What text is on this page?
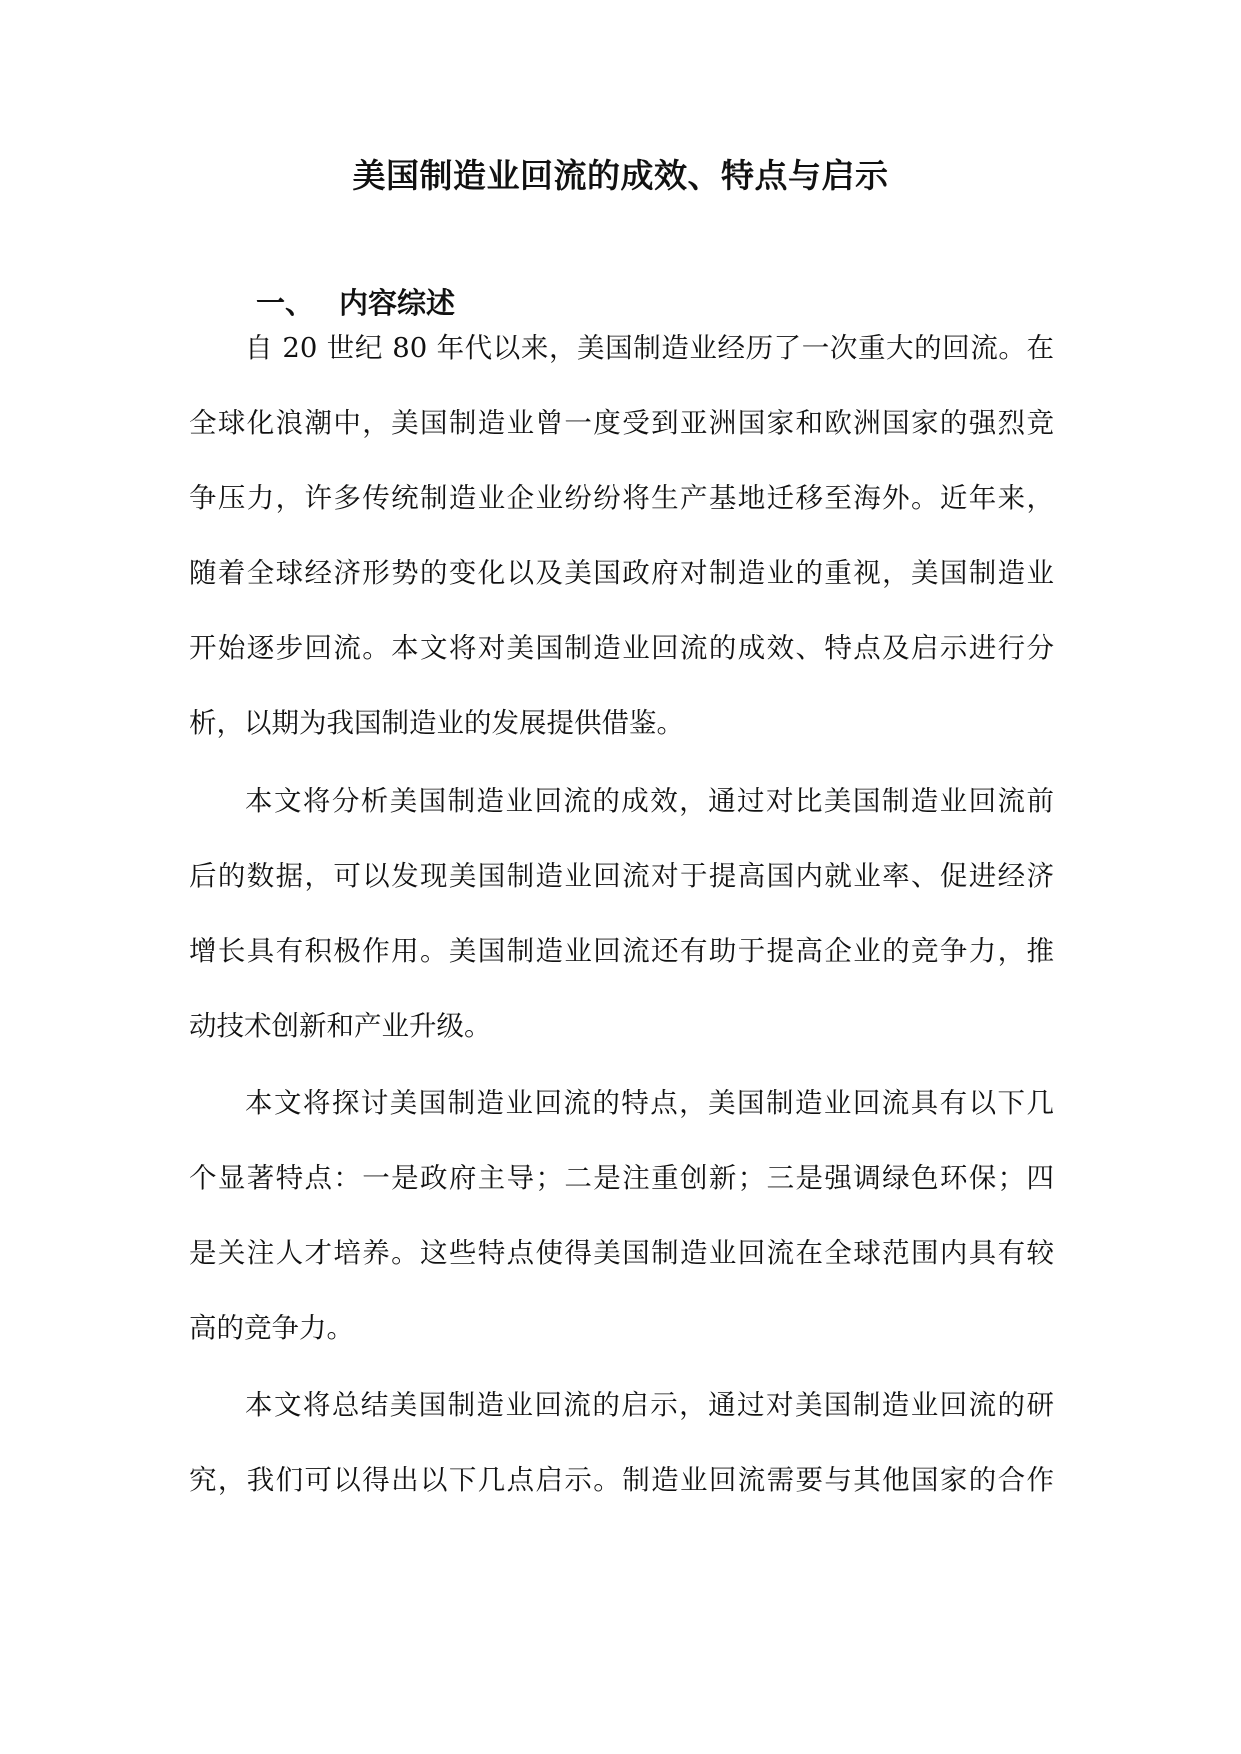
美国制造业回流的成效、特点与启示
一、 内容综述
自 20 世纪 80 年代以来，美国制造业经历了一次重大的回流。在
全球化浪潮中，美国制造业曾一度受到亚洲国家和欧洲国家的强烈竞
争压力，许多传统制造业企业纷纷将生产基地迁移至海外。近年来，
随着全球经济形势的变化以及美国政府对制造业的重视，美国制造业
开始逐步回流。本文将对美国制造业回流的成效、特点及启示进行分
析，以期为我国制造业的发展提供借鉴。
本文将分析美国制造业回流的成效，通过对比美国制造业回流前
后的数据，可以发现美国制造业回流对于提高国内就业率、促进经济
增长具有积极作用。美国制造业回流还有助于提高企业的竞争力，推
动技术创新和产业升级。
本文将探讨美国制造业回流的特点，美国制造业回流具有以下几
个显著特点：一是政府主导；二是注重创新；三是强调绿色环保；四
是关注人才培养。这些特点使得美国制造业回流在全球范围内具有较
高的竞争力。
本文将总结美国制造业回流的启示，通过对美国制造业回流的研
究，我们可以得出以下几点启示。制造业回流需要与其他国家的合作
